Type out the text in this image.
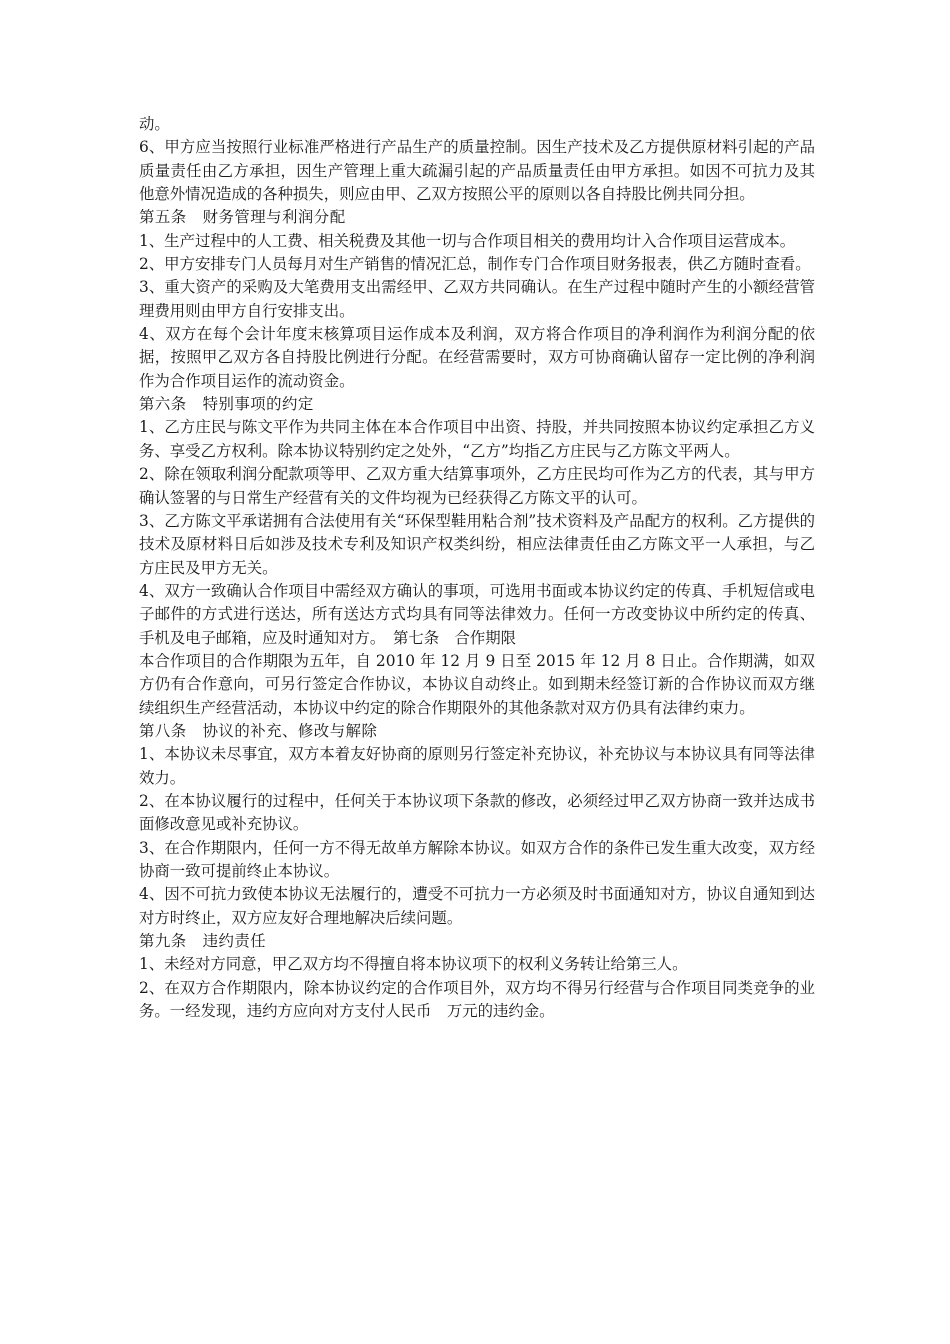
动。

6、甲方应当按照行业标准严格进行产品生产的质量控制。因生产技术及乙方提供原材料引起的产品质量责任由乙方承担，因生产管理上重大疏漏引起的产品质量责任由甲方承担。如因不可抗力及其他意外情况造成的各种损失，则应由甲、乙双方按照公平的原则以各自持股比例共同分担。

第五条　财务管理与利润分配

1、生产过程中的人工费、相关税费及其他一切与合作项目相关的费用均计入合作项目运营成本。

2、甲方安排专门人员每月对生产销售的情况汇总，制作专门合作项目财务报表，供乙方随时查看。

3、重大资产的采购及大笔费用支出需经甲、乙双方共同确认。在生产过程中随时产生的小额经营管理费用则由甲方自行安排支出。

4、双方在每个会计年度末核算项目运作成本及利润，双方将合作项目的净利润作为利润分配的依据，按照甲乙双方各自持股比例进行分配。在经营需要时，双方可协商确认留存一定比例的净利润作为合作项目运作的流动资金。

第六条　特别事项的约定

1、乙方庄民与陈文平作为共同主体在本合作项目中出资、持股，并共同按照本协议约定承担乙方义务、享受乙方权利。除本协议特别约定之处外，“乙方”均指乙方庄民与乙方陈文平两人。

2、除在领取利润分配款项等甲、乙双方重大结算事项外，乙方庄民均可作为乙方的代表，其与甲方确认签署的与日常生产经营有关的文件均视为已经获得乙方陈文平的认可。

3、乙方陈文平承诺拥有合法使用有关“环保型鞋用粘合剂”技术资料及产品配方的权利。乙方提供的技术及原材料日后如涉及技术专利及知识产权类纠纷，相应法律责任由乙方陈文平一人承担，与乙方庄民及甲方无关。

4、双方一致确认合作项目中需经双方确认的事项，可选用书面或本协议约定的传真、手机短信或电子邮件的方式进行送达，所有送达方式均具有同等法律效力。任何一方改变协议中所约定的传真、手机及电子邮箱，应及时通知对方。　第七条　合作期限

本合作项目的合作期限为五年，自 2010 年 12 月 9 日至 2015 年 12 月 8 日止。合作期满，如双方仍有合作意向，可另行签定合作协议，本协议自动终止。如到期未经签订新的合作协议而双方继续组织生产经营活动，本协议中约定的除合作期限外的其他条款对双方仍具有法律约束力。

第八条　协议的补充、修改与解除

1、本协议未尽事宜，双方本着友好协商的原则另行签定补充协议，补充协议与本协议具有同等法律效力。

2、在本协议履行的过程中，任何关于本协议项下条款的修改，必须经过甲乙双方协商一致并达成书面修改意见或补充协议。

3、在合作期限内，任何一方不得无故单方解除本协议。如双方合作的条件已发生重大改变，双方经协商一致可提前终止本协议。

4、因不可抗力致使本协议无法履行的，遭受不可抗力一方必须及时书面通知对方，协议自通知到达对方时终止，双方应友好合理地解决后续问题。

第九条　违约责任

1、未经对方同意，甲乙双方均不得擅自将本协议项下的权利义务转让给第三人。

2、在双方合作期限内，除本协议约定的合作项目外，双方均不得另行经营与合作项目同类竞争的业务。一经发现，违约方应向对方支付人民币　万元的违约金。
